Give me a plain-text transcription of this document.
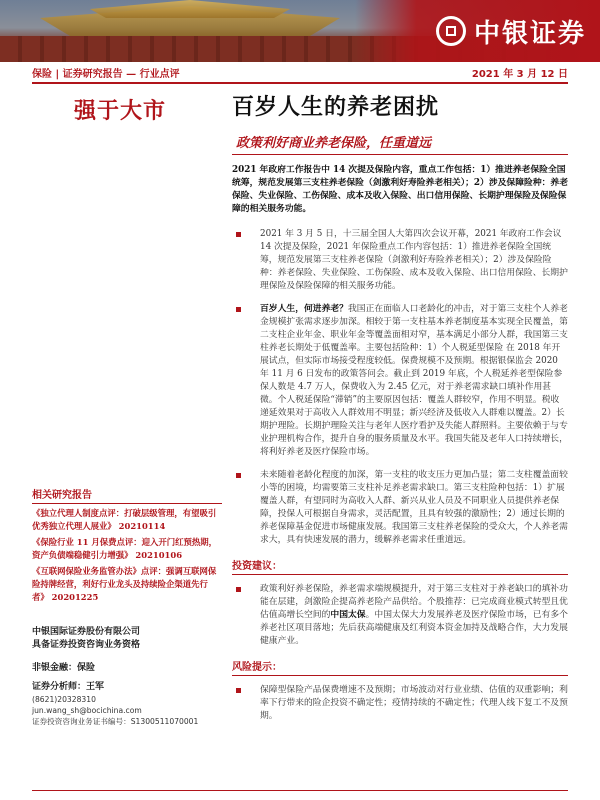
中银证券
保险 | 证券研究报告 — 行业点评	2021 年 3 月 12 日
强于大市	百岁人生的养老困扰
政策利好商业养老保险，任重道远
2021 年政府工作报告中 14 次提及保险内容，重点工作包括：1）推进养老保险全国统筹，规范发展第三支柱养老保险（剑激利好寿险养老相关）；2）涉及保障险种：养老保险、失业保险、工伤保险、成本及收入保险、出口信用保险、长期护理保险及保险保障的相关服务功能。
2021 年 3 月 5 日，十三届全国人大第四次会议开幕，2021 年政府工作会议 14 次提及保险，2021 年保险重点工作内容包括：1）推进养老保险全国统筹，规范发展第三支柱养老保险（剑激利好寿险养老相关）；2）涉及保险险种：养老保险、失业保险、工伤保险、成本及收入保险、出口信用保险、长期护理保险及保险保障的相关服务功能。
百岁人生，何进养老？我国正在面临人口老龄化的冲击，对于第三支柱个人养老金规模扩张需求逐步加深。相较于第一支柱基本养老制度基本实现全民覆盖，第二支柱企业年金、职业年金等覆盖面相对窄，基本满足小部分人群，我国第三支柱养老长期处于低覆盖率。主要包括险种：1）个人税延型保险 在 2018 年开展试点，但实际市场接受程度较低。保费规模不及预期。根据银保监会 2020 年 11 月 6 日发布的政策答问会。截止到 2019 年底，个人税延养老型保险参保人数是 4.7 万人，保费收入为 2.45 亿元，对于养老需求缺口填补作用甚微。个人税延保险“滞销”的主要原因包括：覆盖人群较窄，作用不明显。税收递延效果对于高收入人群效用不明显；新兴经济及低收入人群难以覆盖。2）长期护理险。长期护理险关注与老年人医疗看护及失能人群照料。主要依赖于与专业护理机构合作，提升自身的服务质量及水平。我国失能及老年人口持续增长，将利好养老及医疗保险市场。
未来随着老龄化程度的加深，第一支柱的收支压力更加凸显；第二支柱覆盖面较小等的困境，均需要第三支柱补足养老需求缺口。第三支柱险种包括：1）扩展覆盖人群，有望同时为高收入人群、新兴从业人员及不同职业人员提供养老保障，投保人可根据自身需求，灵活配置，且具有较强的激励性；2）通过长期的养老保障基金促进市场健康发展。我国第三支柱养老保险的受众大，个人养老需求大，具有快速发展的潜力，缓解养老需求任重道远。
投资建议：
政策利好养老保险，养老需求端规模提升，对于第三支柱对于养老缺口的填补功能在层建，剑激险企提高养老险产品供给。个股推荐：已完成商业模式转型且优估值高增长空间的中国太保。中国太保大力发展养老及医疗保险市场，已有多个养老社区项目落地；先后获高端健康及红利资本资金加持及战略合作，大力发展健康产业。
风险提示：
保障型保险产品保费增速不及预期；市场波动对行业业绩、估值的双重影响；利率下行带来的险企投资不确定性；疫情持续的不确定性；代理人线下复工不及预期。
相关研究报告
《独立代理人制度点评：打破层级管理，有望吸引优秀独立代理人展业》 20210114
《保险行业 11 月保费点评：迎入开门红预热期，资产负债端稳健引力增强》 20210106
《互联网保险业务监管办法》点评：强调互联网保险持牌经营，利好行业龙头及持续险企渠道先行者》 20201225
中银国际证券股份有限公司
具备证券投资咨询业务资格
非银金融：保险
证券分析师：王军
(8621)20328310
jun.wang_sh@bocichina.com
证券投资咨询业务证书编号：S1300511070001
